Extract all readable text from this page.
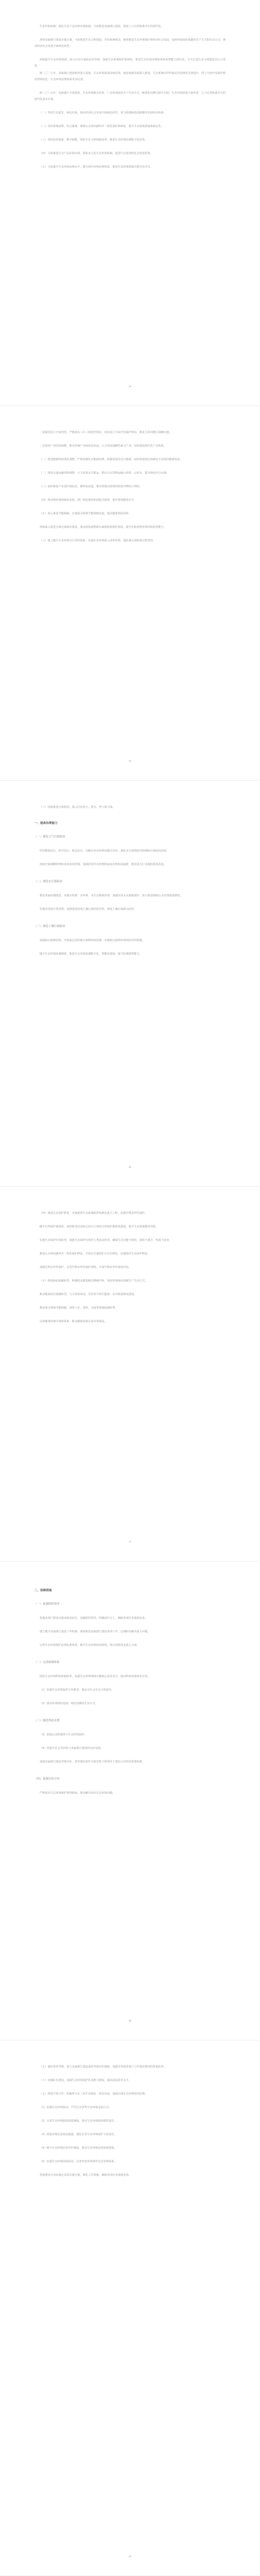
生态价值转换，深化生态产品价值实现机制，全面推进美丽浙江建设，建设人与自然和谐共生的现代化。

加快美丽浙江建设实施方案，全面推进生态文明建设，坚持系统观念，统筹推进生态环境保护和经济社会发展，加快形成绿色低碳的生产方式和生活方式，推动经济社会发展全面绿色转型。

持续提升生态环境质量，深入打好污染防治攻坚战，加强生态系统保护和修复，推进生态环境治理体系和治理能力现代化，全力打造生态文明建设先行示范省。

到二〇二七年，美丽浙江建设取得重大进展，生态环境质量持续改善，绿色低碳发展深入推进，生态系统多样性稳定性持续性显著提升，国土空间开发保护格局得到优化，生态环境治理体系更加完善。

到二〇三五年，美丽浙江全面建成，生态环境根本好转，广泛形成绿色生产生活方式，碳排放达峰后稳中有降，生态环境质量全面改善，人与自然和谐共生的现代化基本实现。

（一）坚持生态优先、绿色发展，推动经济社会发展全面绿色转型，着力构建绿色低碳循环发展经济体系。

（二）坚持系统治理、综合施策，统筹山水林田湖草沙一体化保护和修复，提升生态系统质量和稳定性。

（三）坚持改革创新、数字赋能，深化生态文明体制改革，推进生态环境治理数字化转型。

（四）全面推进生态产品价值实现，探索多元化生态补偿机制，促进生态优势转化为发展优势。

（五）全面提升生态环境治理水平，健全现代环境治理体系，推进生态环境领域共建共治共享。

-4-

一是强化国土空间管控。严格落实三区三线管控要求，优化国土空间开发保护格局，推进主体功能区战略实施。

二是加快产业结构调整。推动传统产业绿色化改造，大力发展战略性新兴产业，加快建设现代化产业体系。

（一）推进能源结构优化调整，严格控制化石能源消费，积极发展非化石能源，加快构建清洁低碳安全高效的能源体系。

（二）推进交通运输结构调整，大力发展多式联运，推动大宗货物运输公转铁、公转水，提升绿色出行比例。

（三）加快推进产业园区绿色化、循环化改造，推动资源高效利用和废弃物综合利用。

（四）推动城乡建设绿色发展，推广绿色建筑和装配式建筑，提升建筑能效水平。

（五）深入推进节能降碳，实施重点领域节能降碳改造，提高能源利用效率。

持续深入推进全域无废城市建设，推动固体废物源头减量和资源化利用，提升危险废物环境风险防控能力。

（六）建立健全生态环境分区管控体系，实施生态环境准入清单管理，强化源头预防和过程管控。

-5-

（三）持续推进污染防治，深入打好蓝天、碧水、净土保卫战。

一、提高治理能力
（一）深化大气污染防治

坚持精准治污、科学治污、依法治污，以解决突出环境问题为导向，强化多污染物协同控制和区域协同治理。

持续开展细颗粒物和臭氧协同控制，加强挥发性有机物和氮氧化物协同减排，推进重点行业超低排放改造。

（二）深化水污染防治

推进美丽河湖建设，实施水资源、水环境、水生态统筹治理，加强饮用水水源地保护，深入推进城镇污水处理提质增效。

实施农用地分类管理，加强建设用地土壤污染风险管控，推进土壤污染源头防控。

（三）深化土壤污染防治

加强新污染物治理，开展重点管控新污染物调查监测，实施新污染物环境风险管控措施。

健全生态环境监测网络，推进生态环境监测数字化、智能化建设，提升监测预警能力。

-6-

（四）推进生态保护修复，实施重要生态系统保护和修复重大工程，加强生物多样性保护。

健全自然保护地体系，加快推进以国家公园为主体的自然保护地体系建设，提升生态系统服务功能。

实施生态保护红线监管，加强生态保护红线内人类活动监管，确保生态功能不降低、面积不减少、性质不改变。

推进山水林田湖草沙一体化保护修复，开展历史遗留矿山生态修复，加强海洋生态保护修复。

加强生物多样性保护，完善生物多样性保护网络，开展生物多样性调查评估。

（五）推进绿色低碳转型，积极稳妥推进碳达峰碳中和，加快形成绿色低碳生产生活方式。

推动能源清洁低碳转型，大力发展风电、光伏等可再生能源，有序推进核电建设。

推进重点领域节能降碳，加快工业、建筑、交通等领域低碳转型。

完善碳排放统计核算体系，推动碳排放权交易市场建设。

-7-
二、保障措施
（一）加强组织领导

各地各部门要切实提高政治站位，加强组织领导，明确责任分工，确保各项任务落到实处。

建立健全美丽浙江建设工作机制，统筹推进美丽浙江建设各项工作，定期研究解决重大问题。

完善生态环境保护法规标准体系，健全生态环境经济政策，加大财政资金投入力度。

（二）完善政策体系

深化生态环境科技体制改革，加强生态环境领域关键核心技术攻关，推动科技成果转化应用。

（1）加强生态环境保护宣传教育，提高全社会生态文明意识。

（2）推动形成简约适度、绿色低碳的生活方式。

（三）强化科技支撑

（3）鼓励公众积极参与生态环境保护。

（4）营造全社会共同参与美丽浙江建设的良好氛围。

加强美丽浙江建设考核评价，将考核结果作为领导班子和领导干部综合评价的重要依据。

（四）加强宣传引导

严格落实生态环境保护督察制度，推动解决突出生态环境问题。

-8-

（五）强化督查考核，建立美丽浙江建设成效考核评价制度，加强对各地各部门工作落实情况的督促检查。

（六）加强队伍建设，加强生态环境保护队伍能力建设，提高执法监管水平。

（七）推进开放合作，积极参与长三角生态绿色一体化发展，加强区域生态环境协同治理。

（1）加强生态环境执法，严厉打击各类生态环境违法行为。

（2）完善生态环境损害赔偿制度，落实生态环境损害赔偿责任。

（3）推进环境信息依法披露，强化企业生态环境保护主体责任。

（4）健全生态环境信用评价制度，推动生态环境信用体系建设。

（5）加强生态环境风险防范，完善突发环境事件应急管理体系。

各地要结合实际制定具体实施方案，细化工作措施，确保各项任务落地见效。

-9-
